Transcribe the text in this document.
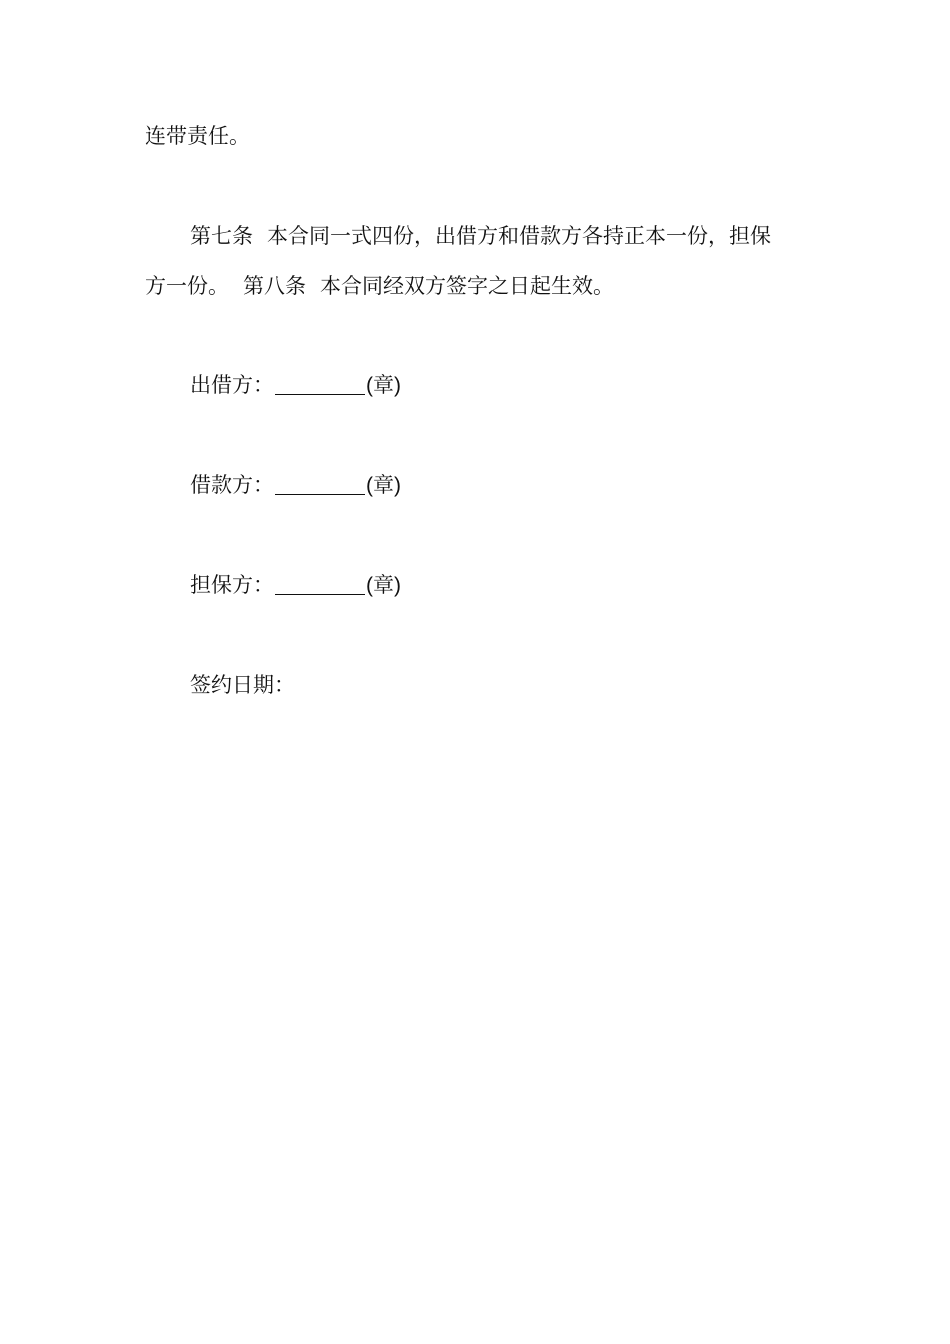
连带责任。
第七条 本合同一式四份，出借方和借款方各持正本一份，担保
方一份。 第八条 本合同经双方签字之日起生效。
出借方：	(章)
借款方：	(章)
担保方：	(章)
签约日期：
